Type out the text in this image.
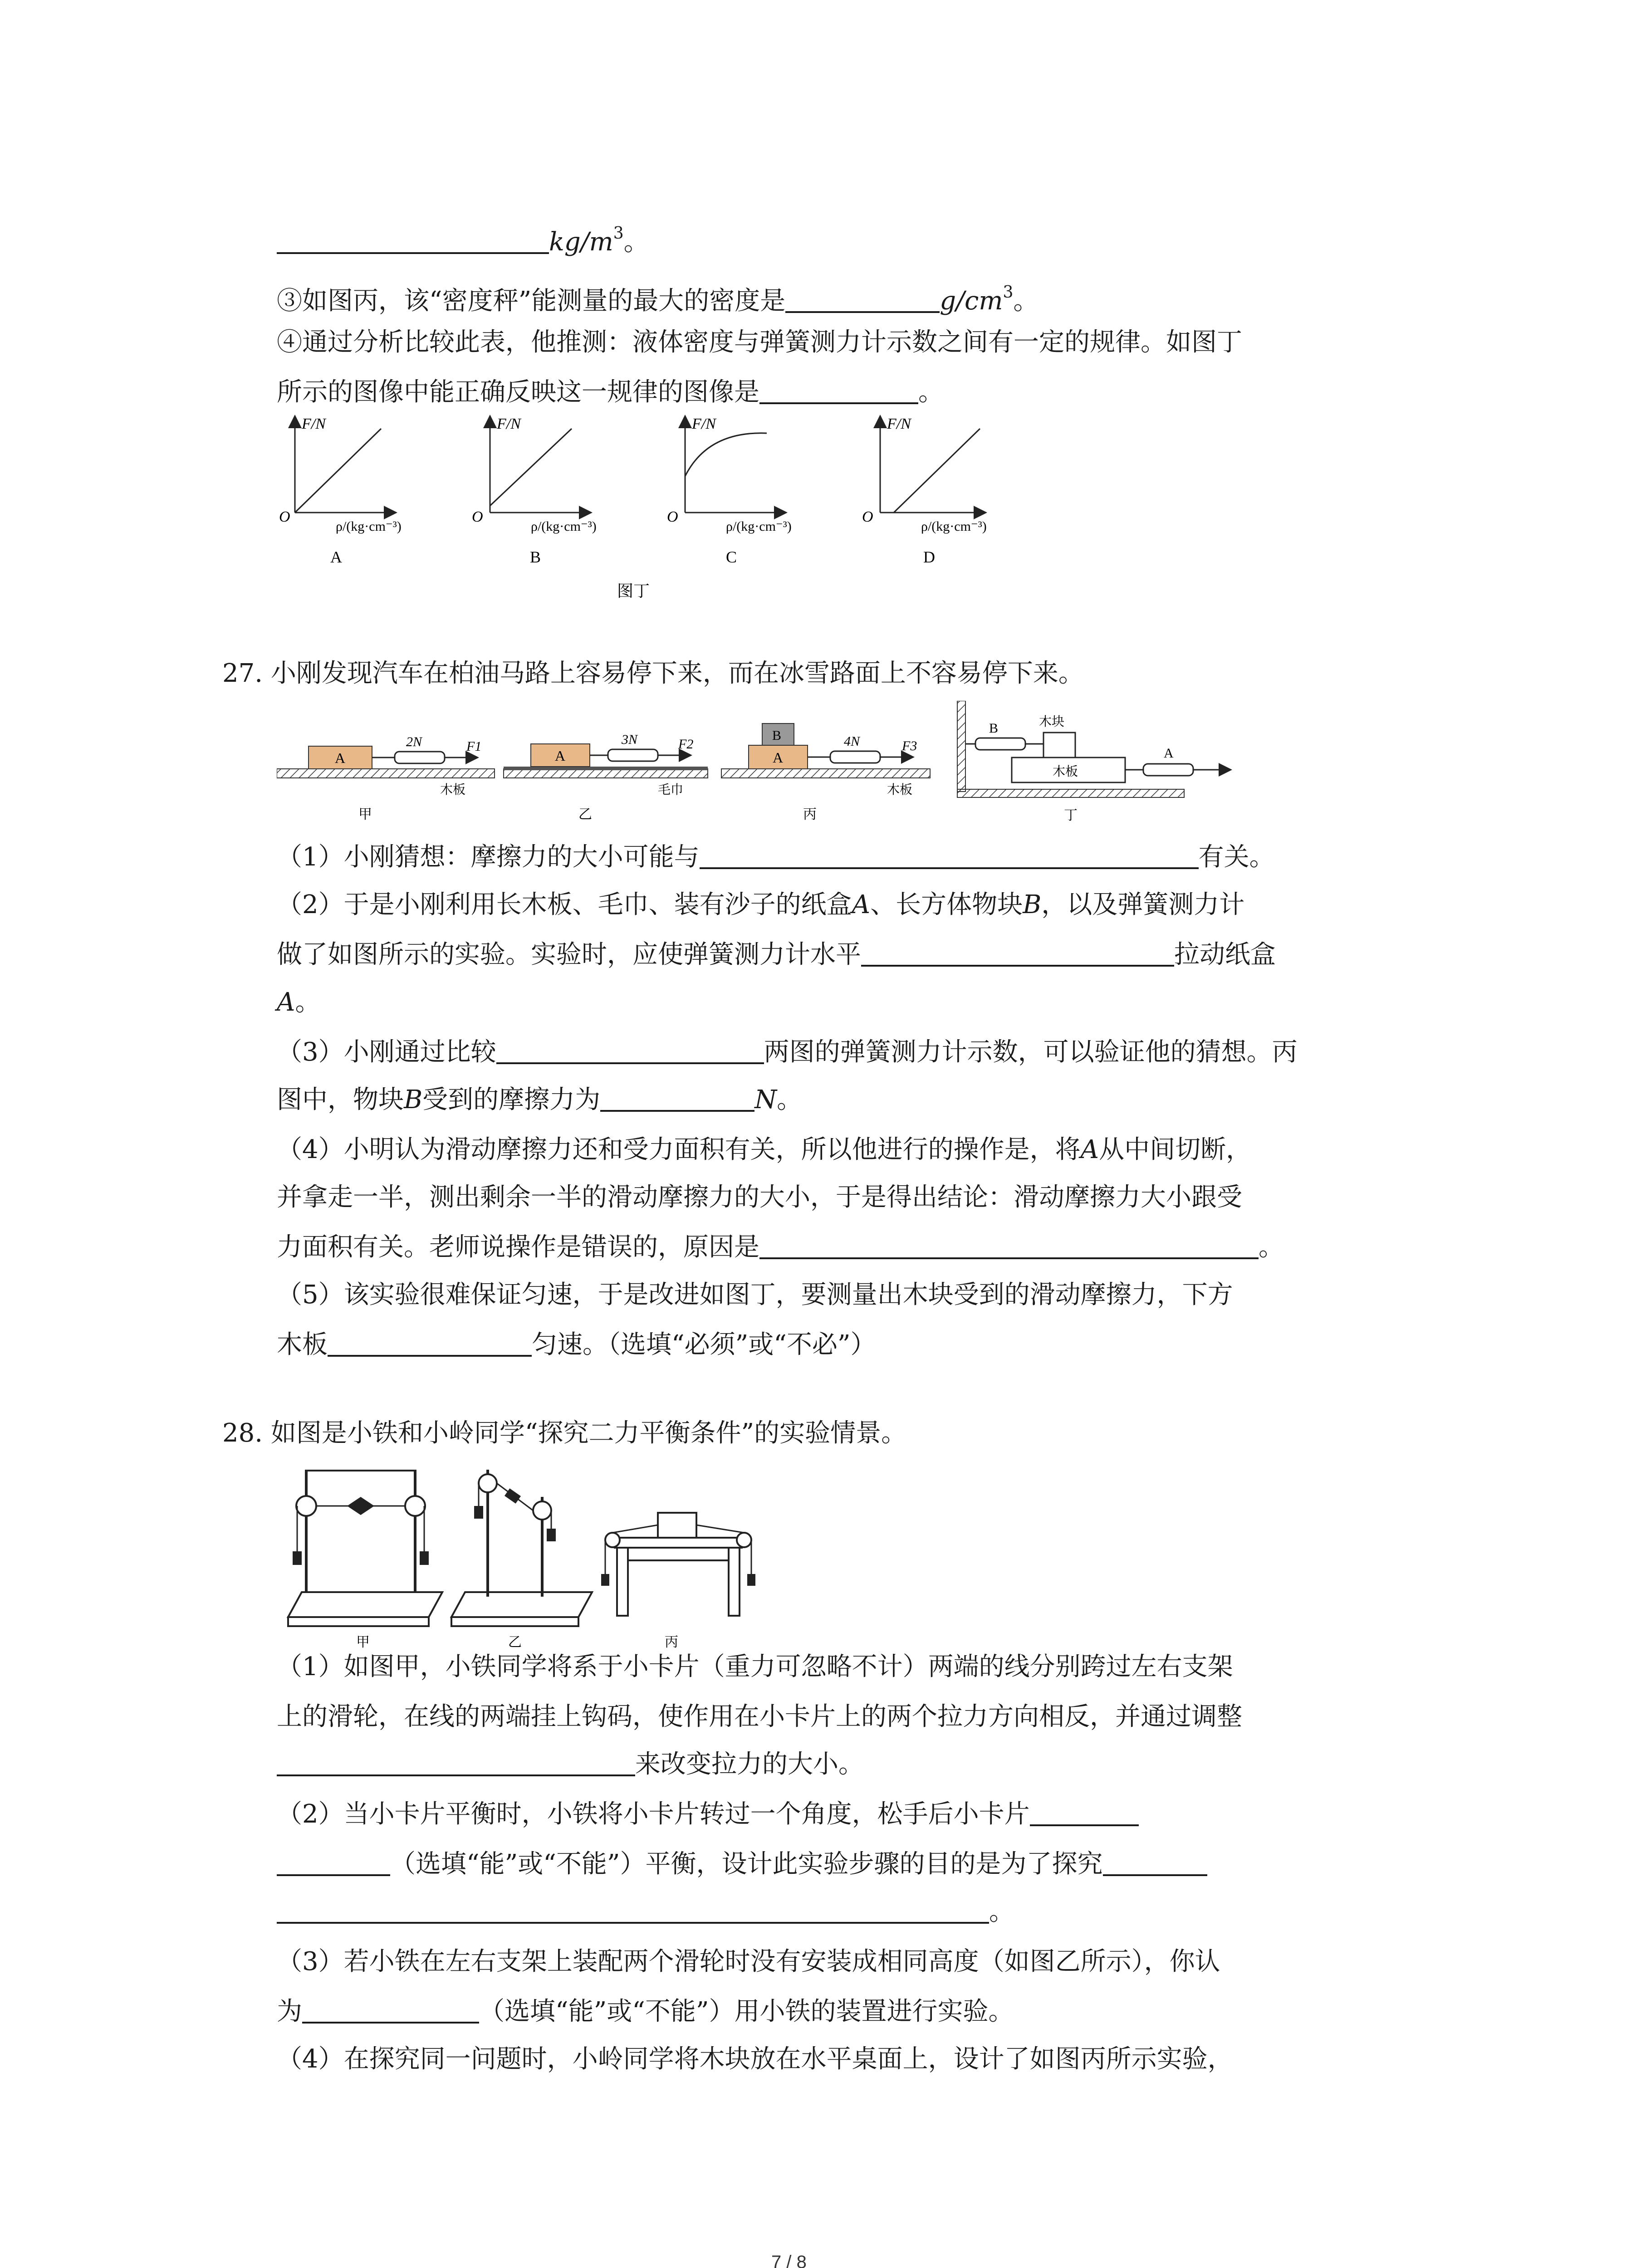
$kg/m^3$。
③如图丙，该“密度秤”能测量的最大的密度是	$g/cm^3$。
④通过分析比较此表，他推测：液体密度与弹簧测力计示数之间有一定的规律。如图丁
所示的图像中能正确反映这一规律的图像是	。
F/N
O
ρ/(kg·cm⁻³)
A
F/N
O
ρ/(kg·cm⁻³)
B
F/N
O
ρ/(kg·cm⁻³)
C
F/N
O
ρ/(kg·cm⁻³)
D
图丁
27. 小刚发现汽车在柏油马路上容易停下来，而在冰雪路面上不容易停下来。
A
2N	F1
木板
甲
A
3N	F2
毛巾
乙
B
A
4N	F3
木板
丙
B	木块
木板
A
丁
（1）小刚猜想：摩擦力的大小可能与	有关。
（2）于是小刚利用长木板、毛巾、装有沙子的纸盒A、长方体物块B，以及弹簧测力计
做了如图所示的实验。实验时，应使弹簧测力计水平	拉动纸盒
A。
（3）小刚通过比较	两图的弹簧测力计示数，可以验证他的猜想。丙
图中，物块B受到的摩擦力为	N。
（4）小明认为滑动摩擦力还和受力面积有关，所以他进行的操作是，将A从中间切断，
并拿走一半，测出剩余一半的滑动摩擦力的大小，于是得出结论：滑动摩擦力大小跟受
力面积有关。老师说操作是错误的，原因是	。
（5）该实验很难保证匀速，于是改进如图丁，要测量出木块受到的滑动摩擦力，下方
木板	匀速。（选填“必须”或“不必”）
28. 如图是小铁和小岭同学“探究二力平衡条件”的实验情景。
甲	乙	丙
（1）如图甲，小铁同学将系于小卡片（重力可忽略不计）两端的线分别跨过左右支架
上的滑轮，在线的两端挂上钩码，使作用在小卡片上的两个拉力方向相反，并通过调整
来改变拉力的大小。
（2）当小卡片平衡时，小铁将小卡片转过一个角度，松手后小卡片
（选填“能”或“不能”）平衡，设计此实验步骤的目的是为了探究
。
（3）若小铁在左右支架上装配两个滑轮时没有安装成相同高度（如图乙所示），你认
为	（选填“能”或“不能”）用小铁的装置进行实验。
（4）在探究同一问题时，小岭同学将木块放在水平桌面上，设计了如图丙所示实验，
7 / 8
